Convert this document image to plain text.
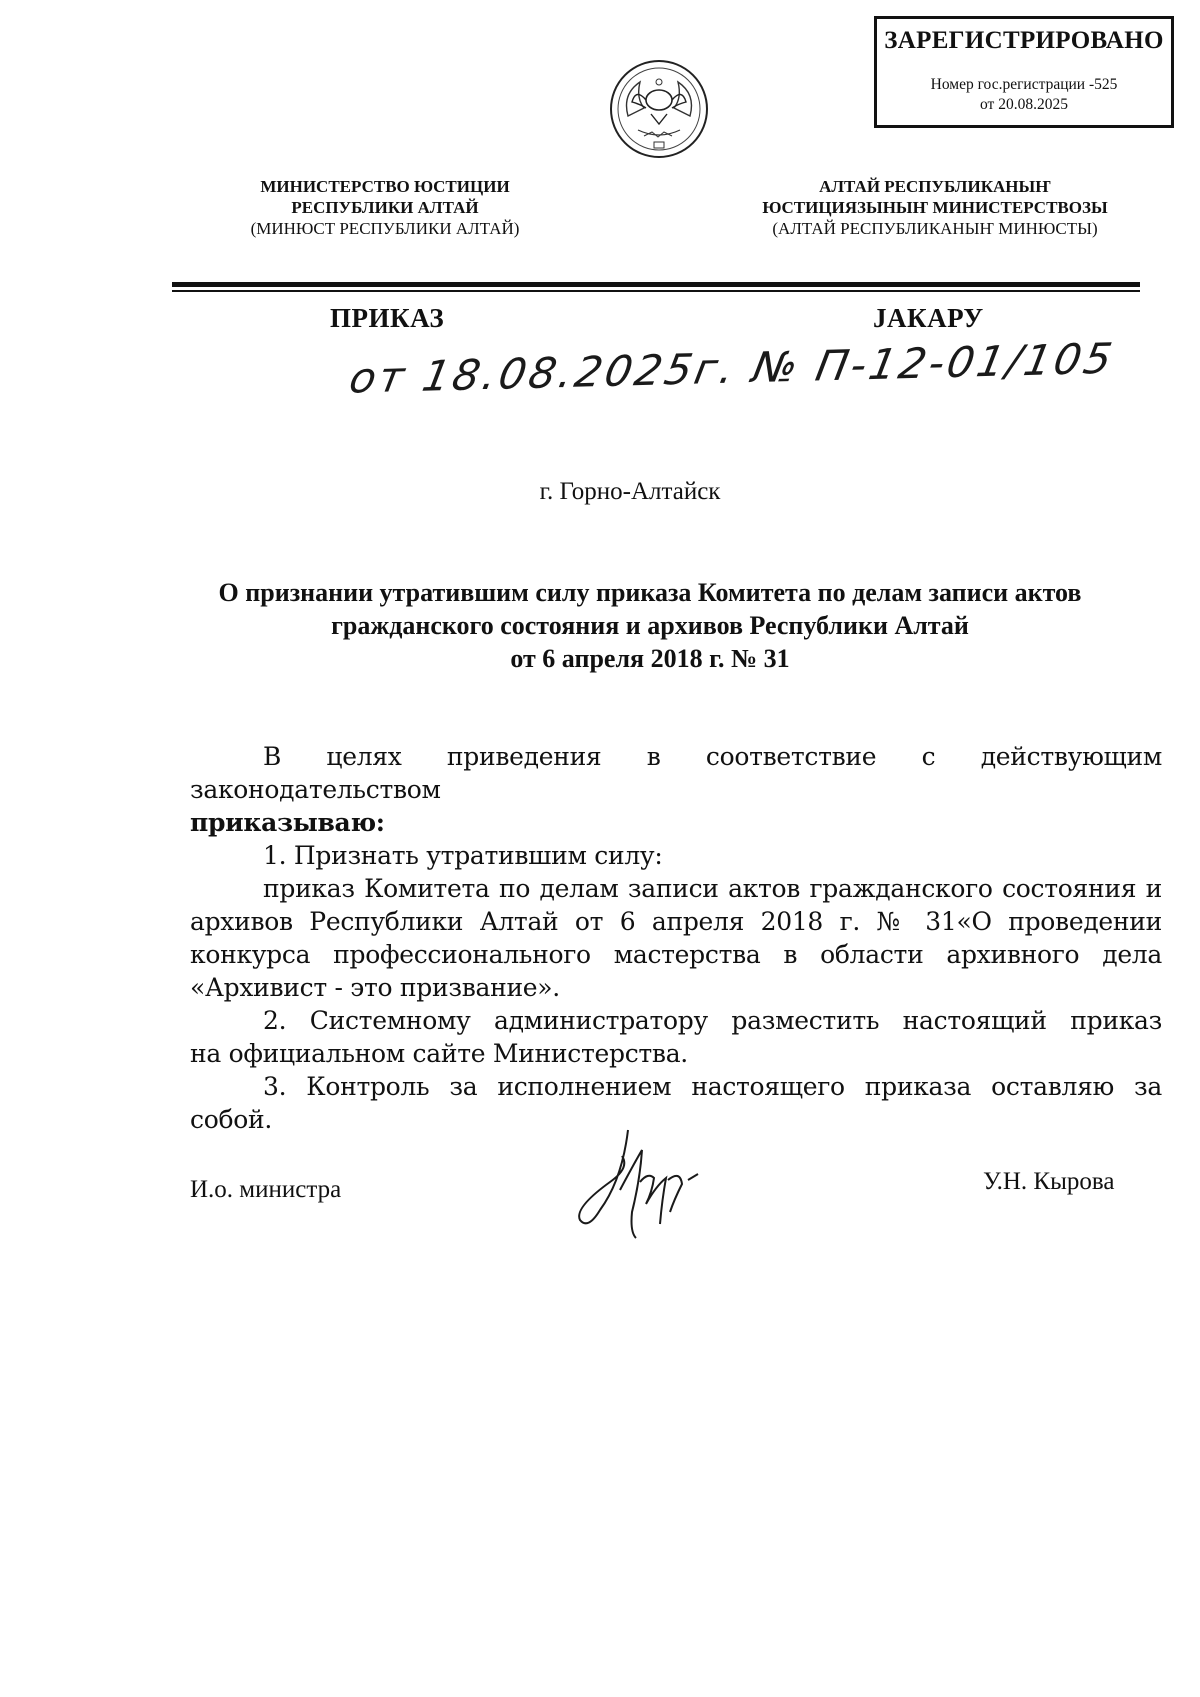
ЗАРЕГИСТРИРОВАНО
Номер гос.регистрации -525
от 20.08.2025
МИНИСТЕРСТВО ЮСТИЦИИ
РЕСПУБЛИКИ АЛТАЙ
(МИНЮСТ РЕСПУБЛИКИ АЛТАЙ)
АЛТАЙ РЕСПУБЛИКАНЫҤ
ЮСТИЦИЯЗЫНЫҤ МИНИСТЕРСТВОЗЫ
(АЛТАЙ РЕСПУБЛИКАНЫҤ МИНЮСТЫ)
ПРИКАЗ	ЈАКАРУ
от 18.08.2025г. № П-12-01/105
г. Горно-Алтайск
О признании утратившим силу приказа Комитета по делам записи актов
гражданского состояния и архивов Республики Алтай
от 6 апреля 2018 г. № 31

В целях приведения в соответствие с действующим законодательством

приказываю:

1. Признать утратившим силу:

приказ Комитета по делам записи актов гражданского состояния и архивов Республики Алтай от 6 апреля 2018 г. № 31«О проведении конкурса профессионального мастерства в области архивного дела «Архивист - это призвание».

2. Системному администратору разместить настоящий приказ

на официальном сайте Министерства.

3. Контроль за исполнением настоящего приказа оставляю за собой.

И.о. министра	У.Н. Кырова
